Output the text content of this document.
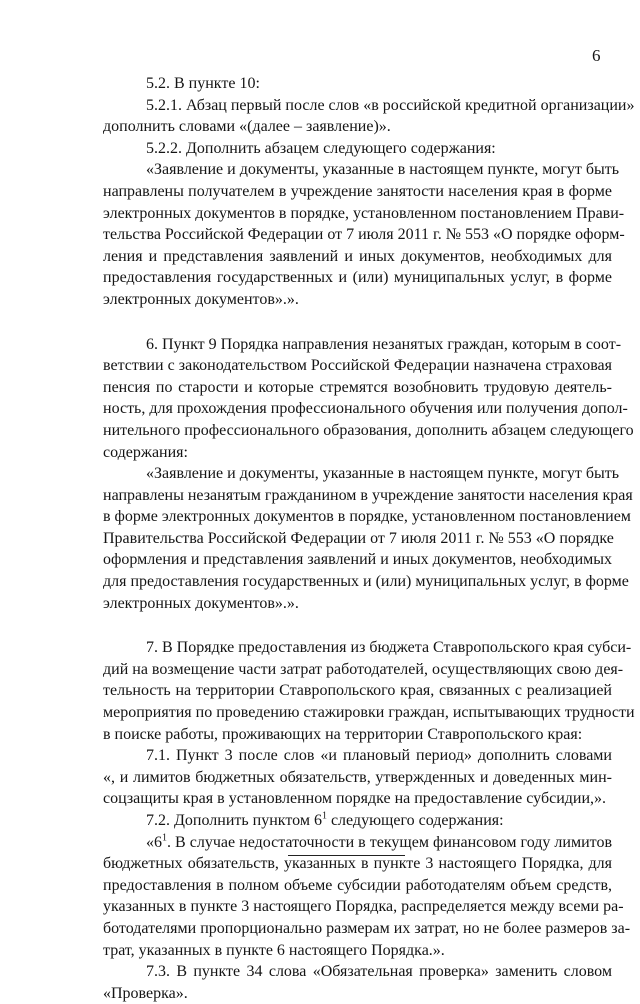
6

5.2. В пункте 10:

5.2.1. Абзац первый после слов «в российской кредитной организации»
дополнить словами «(далее – заявление)».

5.2.2. Дополнить абзацем следующего содержания:

«Заявление и документы, указанные в настоящем пункте, могут быть
направлены получателем в учреждение занятости населения края в форме
электронных документов в порядке, установленном постановлением Прави-
тельства Российской Федерации от 7 июля 2011 г. № 553 «О порядке оформ-
ления и представления заявлений и иных документов, необходимых для
предоставления государственных и (или) муниципальных услуг, в форме
электронных документов».».

6. Пункт 9 Порядка направления незанятых граждан, которым в соот-
ветствии с законодательством Российской Федерации назначена страховая
пенсия по старости и которые стремятся возобновить трудовую деятель-
ность, для прохождения профессионального обучения или получения допол-
нительного профессионального образования, дополнить абзацем следующего
содержания:

«Заявление и документы, указанные в настоящем пункте, могут быть
направлены незанятым гражданином в учреждение занятости населения края
в форме электронных документов в порядке, установленном постановлением
Правительства Российской Федерации от 7 июля 2011 г. № 553 «О порядке
оформления и представления заявлений и иных документов, необходимых
для предоставления государственных и (или) муниципальных услуг, в форме
электронных документов».».

7. В Порядке предоставления из бюджета Ставропольского края субси-
дий на возмещение части затрат работодателей, осуществляющих свою дея-
тельность на территории Ставропольского края, связанных с реализацией
мероприятия по проведению стажировки граждан, испытывающих трудности
в поиске работы, проживающих на территории Ставропольского края:

7.1. Пункт 3 после слов «и плановый период» дополнить словами
«, и лимитов бюджетных обязательств, утвержденных и доведенных мин-
соцзащиты края в установленном порядке на предоставление субсидии,».

7.2. Дополнить пунктом $6^1$ следующего содержания:

«$6^1$. В случае недостаточности в текущем финансовом году лимитов
бюджетных обязательств, указанных в пункте 3 настоящего Порядка, для
предоставления в полном объеме субсидии работодателям объем средств,
указанных в пункте 3 настоящего Порядка, распределяется между всеми ра-
ботодателями пропорционально размерам их затрат, но не более размеров за-
трат, указанных в пункте 6 настоящего Порядка.».

7.3. В пункте 34 слова «Обязательная проверка» заменить словом
«Проверка».
